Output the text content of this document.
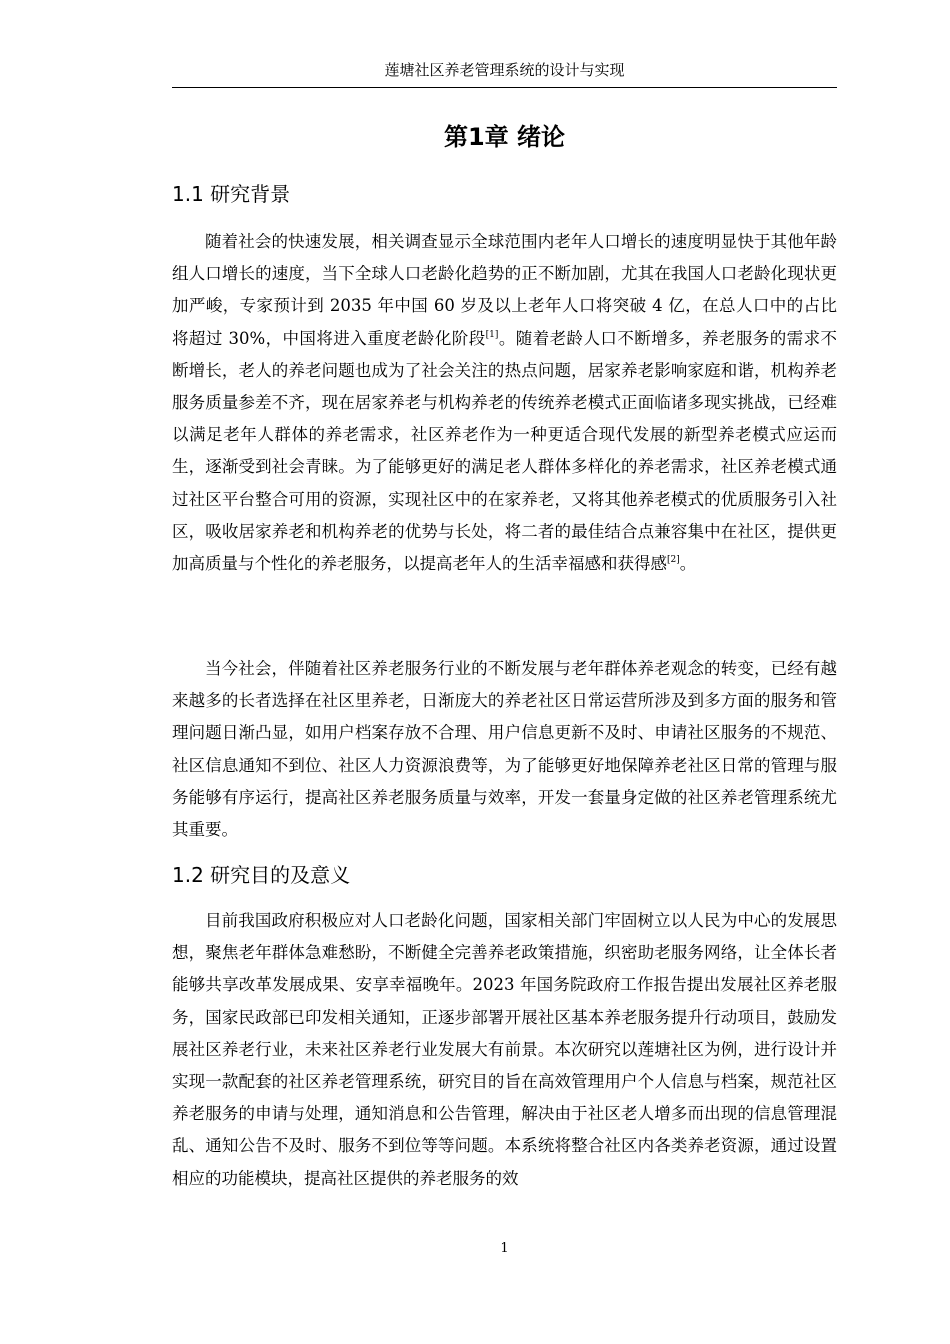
莲塘社区养老管理系统的设计与实现
第1章 绪论
1.1 研究背景
随着社会的快速发展，相关调查显示全球范围内老年人口增长的速度明显快于其他年龄组人口增长的速度，当下全球人口老龄化趋势的正不断加剧，尤其在我国人口老龄化现状更加严峻，专家预计到 2035 年中国 60 岁及以上老年人口将突破 4 亿，在总人口中的占比将超过 30%，中国将进入重度老龄化阶段[1]。随着老龄人口不断增多，养老服务的需求不断增长，老人的养老问题也成为了社会关注的热点问题，居家养老影响家庭和谐，机构养老服务质量参差不齐，现在居家养老与机构养老的传统养老模式正面临诸多现实挑战，已经难以满足老年人群体的养老需求，社区养老作为一种更适合现代发展的新型养老模式应运而生，逐渐受到社会青睐。为了能够更好的满足老人群体多样化的养老需求，社区养老模式通过社区平台整合可用的资源，实现社区中的在家养老，又将其他养老模式的优质服务引入社区，吸收居家养老和机构养老的优势与长处，将二者的最佳结合点兼容集中在社区，提供更加高质量与个性化的养老服务，以提高老年人的生活幸福感和获得感[2]。
当今社会，伴随着社区养老服务行业的不断发展与老年群体养老观念的转变，已经有越来越多的长者选择在社区里养老，日渐庞大的养老社区日常运营所涉及到多方面的服务和管理问题日渐凸显，如用户档案存放不合理、用户信息更新不及时、申请社区服务的不规范、社区信息通知不到位、社区人力资源浪费等，为了能够更好地保障养老社区日常的管理与服务能够有序运行，提高社区养老服务质量与效率，开发一套量身定做的社区养老管理系统尤其重要。
1.2 研究目的及意义
目前我国政府积极应对人口老龄化问题，国家相关部门牢固树立以人民为中心的发展思想，聚焦老年群体急难愁盼，不断健全完善养老政策措施，织密助老服务网络，让全体长者能够共享改革发展成果、安享幸福晚年。2023 年国务院政府工作报告提出发展社区养老服务，国家民政部已印发相关通知，正逐步部署开展社区基本养老服务提升行动项目，鼓励发展社区养老行业，未来社区养老行业发展大有前景。本次研究以莲塘社区为例，进行设计并实现一款配套的社区养老管理系统，研究目的旨在高效管理用户个人信息与档案，规范社区养老服务的申请与处理，通知消息和公告管理，解决由于社区老人增多而出现的信息管理混乱、通知公告不及时、服务不到位等等问题。本系统将整合社区内各类养老资源，通过设置相应的功能模块，提高社区提供的养老服务的效
1
